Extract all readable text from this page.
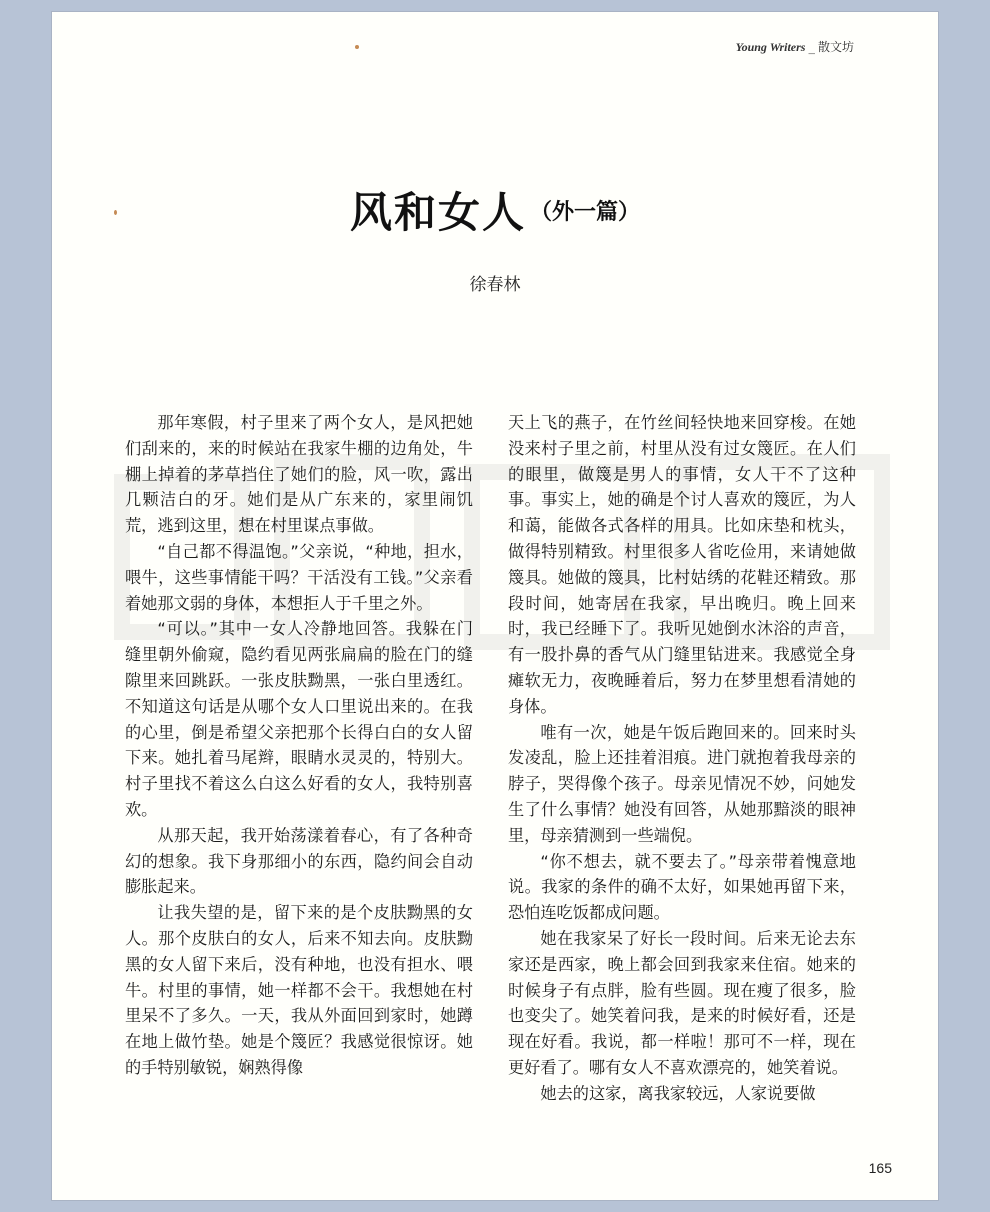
Young Writers _ 散文坊
风和女人 （外一篇）
徐春林

那年寒假，村子里来了两个女人，是风把她们刮来的，来的时候站在我家牛棚的边角处，牛棚上掉着的茅草挡住了她们的脸，风一吹，露出几颗洁白的牙。她们是从广东来的，家里闹饥荒，逃到这里，想在村里谋点事做。

“自己都不得温饱。”父亲说，“种地，担水，喂牛，这些事情能干吗？干活没有工钱。”父亲看着她那文弱的身体，本想拒人于千里之外。

“可以。”其中一女人冷静地回答。我躲在门缝里朝外偷窥，隐约看见两张扁扁的脸在门的缝隙里来回跳跃。一张皮肤黝黑，一张白里透红。不知道这句话是从哪个女人口里说出来的。在我的心里，倒是希望父亲把那个长得白白的女人留下来。她扎着马尾辫，眼睛水灵灵的，特别大。村子里找不着这么白这么好看的女人，我特别喜欢。

从那天起，我开始荡漾着春心，有了各种奇幻的想象。我下身那细小的东西，隐约间会自动膨胀起来。

让我失望的是，留下来的是个皮肤黝黑的女人。那个皮肤白的女人，后来不知去向。皮肤黝黑的女人留下来后，没有种地，也没有担水、喂牛。村里的事情，她一样都不会干。我想她在村里呆不了多久。一天，我从外面回到家时，她蹲在地上做竹垫。她是个篾匠？我感觉很惊讶。她的手特别敏锐，娴熟得像

天上飞的燕子，在竹丝间轻快地来回穿梭。在她没来村子里之前，村里从没有过女篾匠。在人们的眼里，做篾是男人的事情，女人干不了这种事。事实上，她的确是个讨人喜欢的篾匠，为人和蔼，能做各式各样的用具。比如床垫和枕头，做得特别精致。村里很多人省吃俭用，来请她做篾具。她做的篾具，比村姑绣的花鞋还精致。那段时间，她寄居在我家，早出晚归。晚上回来时，我已经睡下了。我听见她倒水沐浴的声音，有一股扑鼻的香气从门缝里钻进来。我感觉全身瘫软无力，夜晚睡着后，努力在梦里想看清她的身体。

唯有一次，她是午饭后跑回来的。回来时头发凌乱，脸上还挂着泪痕。进门就抱着我母亲的脖子，哭得像个孩子。母亲见情况不妙，问她发生了什么事情？她没有回答，从她那黯淡的眼神里，母亲猜测到一些端倪。

“你不想去，就不要去了。”母亲带着愧意地说。我家的条件的确不太好，如果她再留下来，恐怕连吃饭都成问题。

她在我家呆了好长一段时间。后来无论去东家还是西家，晚上都会回到我家来住宿。她来的时候身子有点胖，脸有些圆。现在瘦了很多，脸也变尖了。她笑着问我，是来的时候好看，还是现在好看。我说，都一样啦！那可不一样，现在更好看了。哪有女人不喜欢漂亮的，她笑着说。

她去的这家，离我家较远，人家说要做

165
